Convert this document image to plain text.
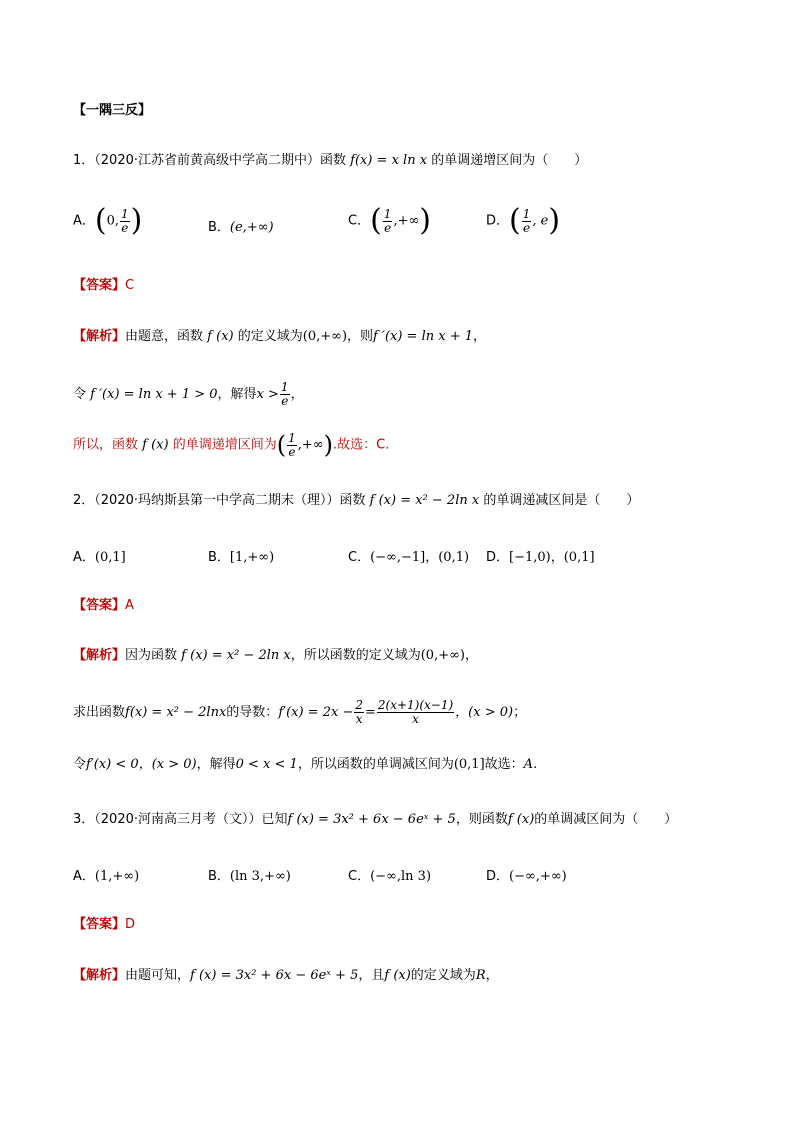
【一隅三反】
1．（2020·江苏省前黄高级中学高二期中）函数 f(x) = x ln x 的单调递增区间为（　　）
A．(0, $\frac{1}{e}$ )	B．(e,+∞)	C．( $\frac{1}{e}$ ,+∞)	D．( $\frac{1}{e}$ , e)
【答案】C
【解析】由题意，函数 f (x) 的定义域为(0,+∞)，则f ′(x) = ln x + 1，
令 f ′(x) = ln x + 1 > 0，解得$x > \frac{1}{e}$ ，
所以，函数 f (x) 的单调递增区间为( $\frac{1}{e}$ ,+∞).故选：C.
2．（2020·玛纳斯县第一中学高二期末（理））函数 f (x) = x² − 2ln x 的单调递减区间是（　　）
A．(0,1]	B．[1,+∞)	C．(−∞,−1]，(0,1) D．[−1,0)，(0,1]
【答案】A
【解析】因为函数 f (x) = x² − 2ln x，所以函数的定义域为(0,+∞)，
求出函数f(x) = x² − 2lnx的导数：$f'(x) = 2x - \frac{2}{x} = \frac{2(x+1)(x-1)}{x}$ ，(x > 0)；
令f′(x) < 0，(x > 0)，解得0 < x < 1，所以函数的单调减区间为(0,1]故选：A.
3．（2020·河南高三月考（文））已知f (x) = 3x² + 6x − 6eˣ + 5，则函数f (x)的单调减区间为（　　）
A．(1,+∞)	B．(ln 3,+∞)	C．(−∞,ln 3)	D．(−∞,+∞)
【答案】D
【解析】由题可知，f (x) = 3x² + 6x − 6eˣ + 5，且f (x)的定义域为R，
